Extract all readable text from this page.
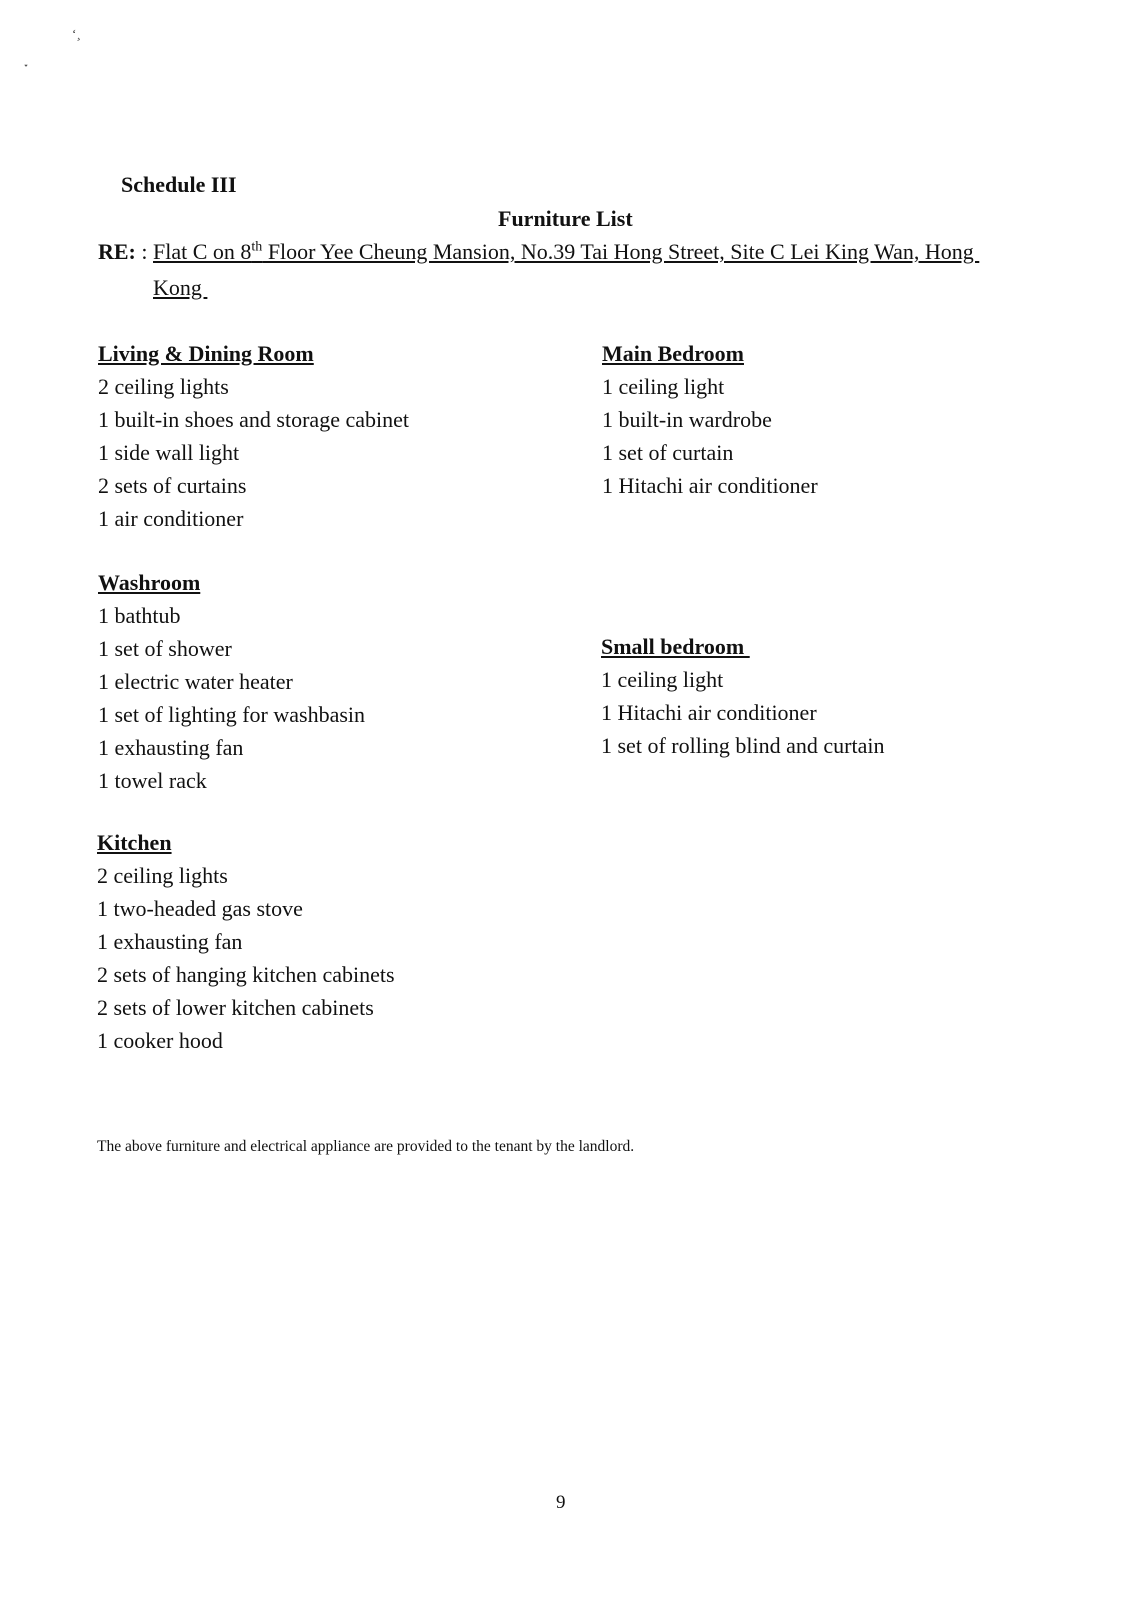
‘¸
Schedule III
Furniture List
RE: : Flat C on 8th Floor Yee Cheung Mansion, No.39 Tai Hong Street, Site C Lei King Wan, Hong
Kong
Living & Dining Room
2 ceiling lights
1 built-in shoes and storage cabinet
1 side wall light
2 sets of curtains
1 air conditioner
Main Bedroom
1 ceiling light
1 built-in wardrobe
1 set of curtain
1 Hitachi air conditioner
Washroom
1 bathtub
1 set of shower
1 electric water heater
1 set of lighting for washbasin
1 exhausting fan
1 towel rack
Small bedroom
1 ceiling light
1 Hitachi air conditioner
1 set of rolling blind and curtain
Kitchen
2 ceiling lights
1 two-headed gas stove
1 exhausting fan
2 sets of hanging kitchen cabinets
2 sets of lower kitchen cabinets
1 cooker hood
The above furniture and electrical appliance are provided to the tenant by the landlord.
9
